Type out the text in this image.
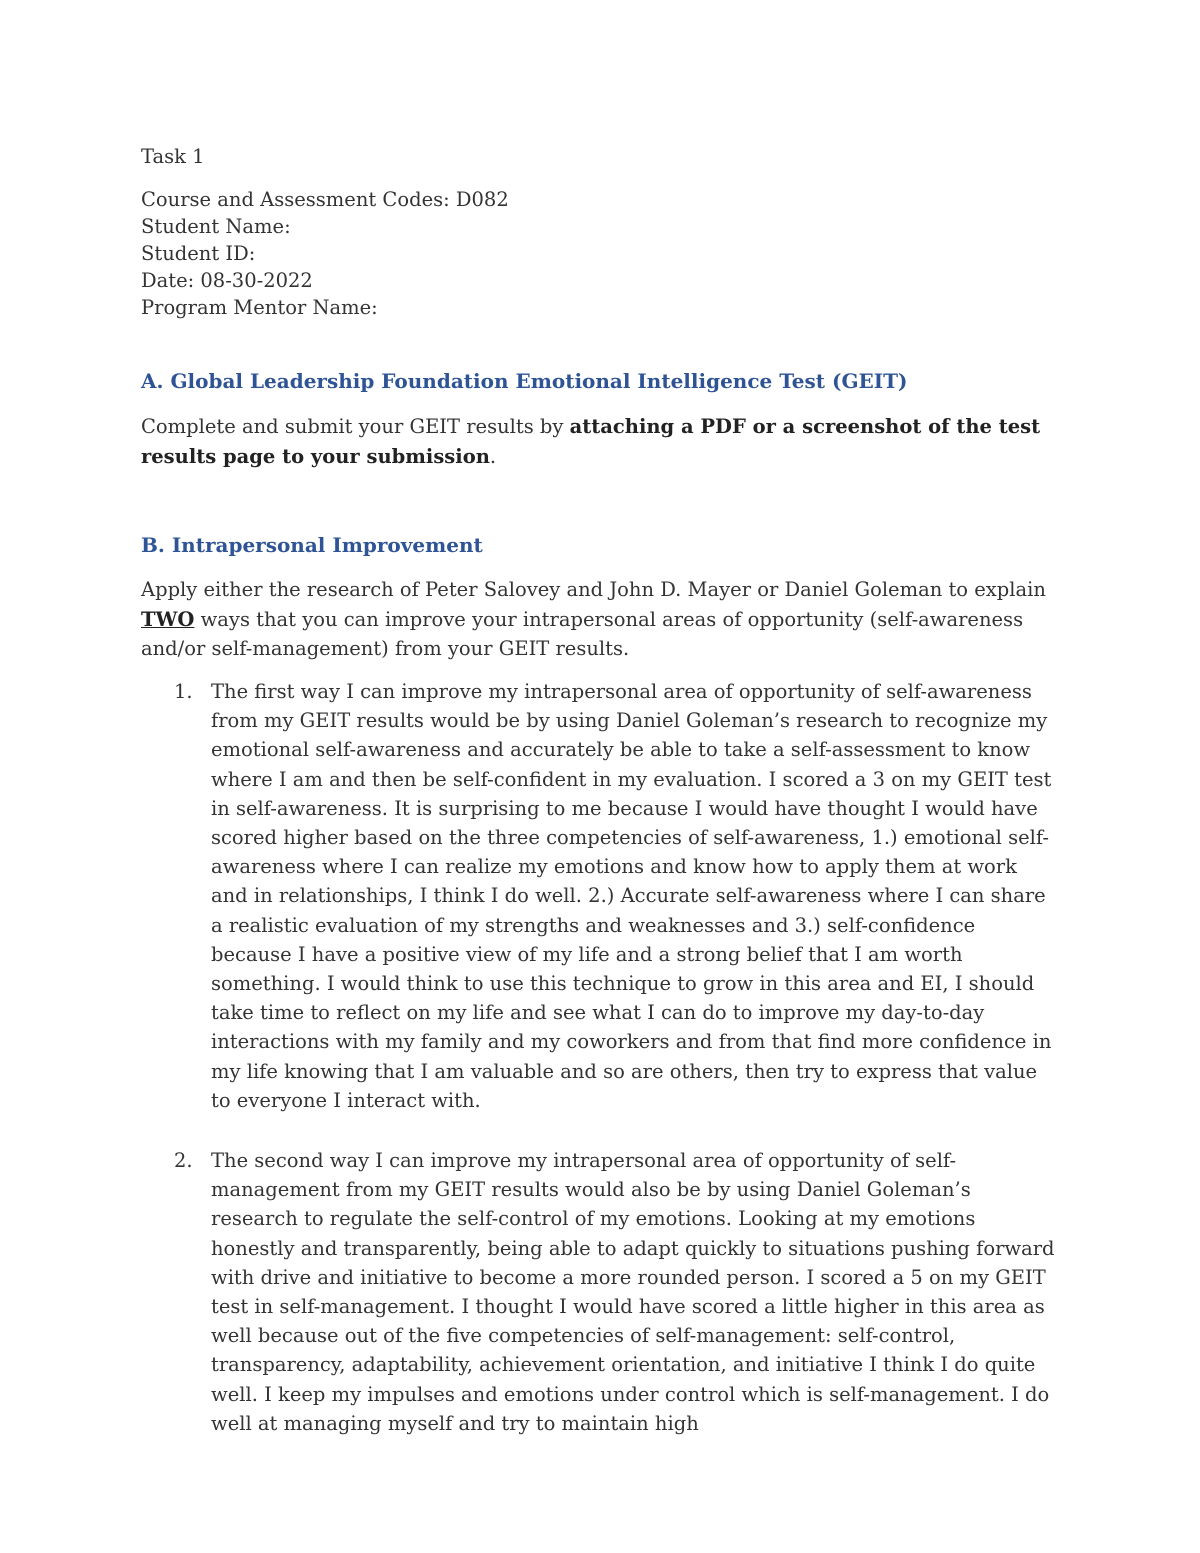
Task 1
Course and Assessment Codes: D082
Student Name:
Student ID:
Date: 08-30-2022
Program Mentor Name:
A. Global Leadership Foundation Emotional Intelligence Test (GEIT)
Complete and submit your GEIT results by attaching a PDF or a screenshot of the test results page to your submission.
B. Intrapersonal Improvement
Apply either the research of Peter Salovey and John D. Mayer or Daniel Goleman to explain TWO ways that you can improve your intrapersonal areas of opportunity (self-awareness and/or self-management) from your GEIT results.
1. The first way I can improve my intrapersonal area of opportunity of self-awareness from my GEIT results would be by using Daniel Goleman’s research to recognize my emotional self-awareness and accurately be able to take a self-assessment to know where I am and then be self-confident in my evaluation. I scored a 3 on my GEIT test in self-awareness. It is surprising to me because I would have thought I would have scored higher based on the three competencies of self-awareness, 1.) emotional self-awareness where I can realize my emotions and know how to apply them at work and in relationships, I think I do well. 2.) Accurate self-awareness where I can share a realistic evaluation of my strengths and weaknesses and 3.) self-confidence because I have a positive view of my life and a strong belief that I am worth something. I would think to use this technique to grow in this area and EI, I should take time to reflect on my life and see what I can do to improve my day-to-day interactions with my family and my coworkers and from that find more confidence in my life knowing that I am valuable and so are others, then try to express that value to everyone I interact with.
2. The second way I can improve my intrapersonal area of opportunity of self-management from my GEIT results would also be by using Daniel Goleman’s research to regulate the self-control of my emotions. Looking at my emotions honestly and transparently, being able to adapt quickly to situations pushing forward with drive and initiative to become a more rounded person. I scored a 5 on my GEIT test in self-management. I thought I would have scored a little higher in this area as well because out of the five competencies of self-management: self-control, transparency, adaptability, achievement orientation, and initiative I think I do quite well. I keep my impulses and emotions under control which is self-management. I do well at managing myself and try to maintain high
